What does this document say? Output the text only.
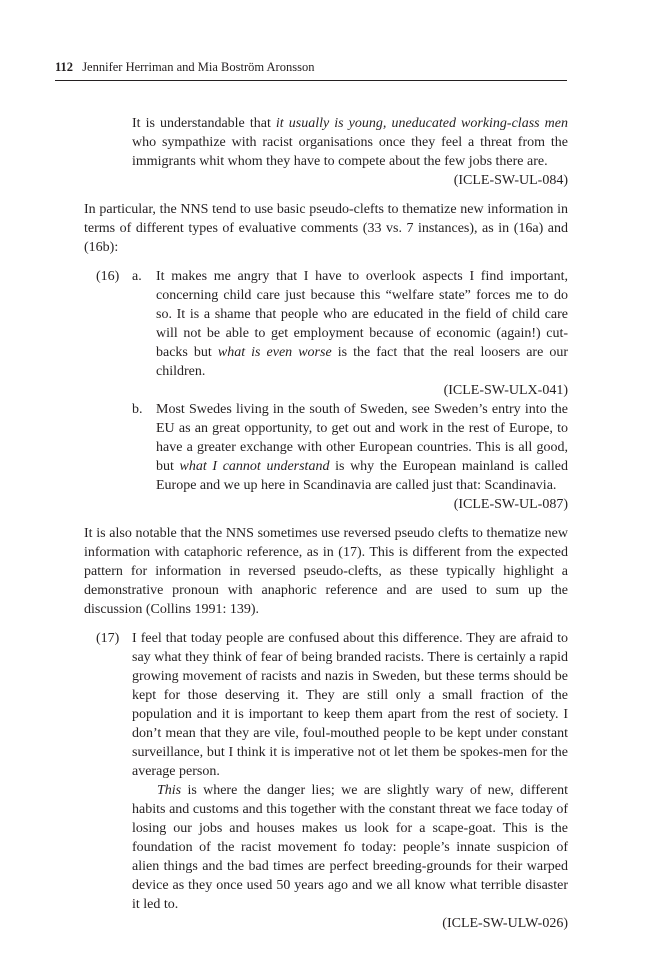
112 Jennifer Herriman and Mia Boström Aronsson

It is understandable that it usually is young, uneducated working-class men who sympathize with racist organisations once they feel a threat from the immigrants whit whom they have to compete about the few jobs there are.

(ICLE-SW-UL-084)

In particular, the NNS tend to use basic pseudo-clefts to thematize new information in terms of different types of evaluative comments (33 vs. 7 instances), as in (16a) and (16b):

(16) a.	It makes me angry that I have to overlook aspects I find important, concerning child care just because this “welfare state” forces me to do so. It is a shame that people who are educated in the field of child care will not be able to get employment because of economic (again!) cut-backs but what is even worse is the fact that the real loosers are our children.

(ICLE-SW-ULX-041)

b. Most Swedes living in the south of Sweden, see Sweden’s entry into the EU as an great opportunity, to get out and work in the rest of Europe, to have a greater exchange with other European countries. This is all good, but what I cannot understand is why the European mainland is called Europe and we up here in Scandinavia are called just that: Scandinavia.

(ICLE-SW-UL-087)

It is also notable that the NNS sometimes use reversed pseudo clefts to thematize new information with cataphoric reference, as in (17). This is different from the expected pattern for information in reversed pseudo-clefts, as these typically highlight a demonstrative pronoun with anaphoric reference and are used to sum up the discussion (Collins 1991: 139).

(17) I feel that today people are confused about this difference. They are afraid to say what they think of fear of being branded racists. There is certainly a rapid growing movement of racists and nazis in Sweden, but these terms should be kept for those deserving it. They are still only a small fraction of the population and it is important to keep them apart from the rest of society. I don’t mean that they are vile, foul-mouthed people to be kept under constant surveillance, but I think it is imperative not ot let them be spokes-men for the average person.

This is where the danger lies; we are slightly wary of new, different habits and customs and this together with the constant threat we face today of losing our jobs and houses makes us look for a scape-goat. This is the foundation of the racist movement fo today: people’s innate suspicion of alien things and the bad times are perfect breeding-grounds for their warped device as they once used 50 years ago and we all know what terrible disaster it led to.

(ICLE-SW-ULW-026)
